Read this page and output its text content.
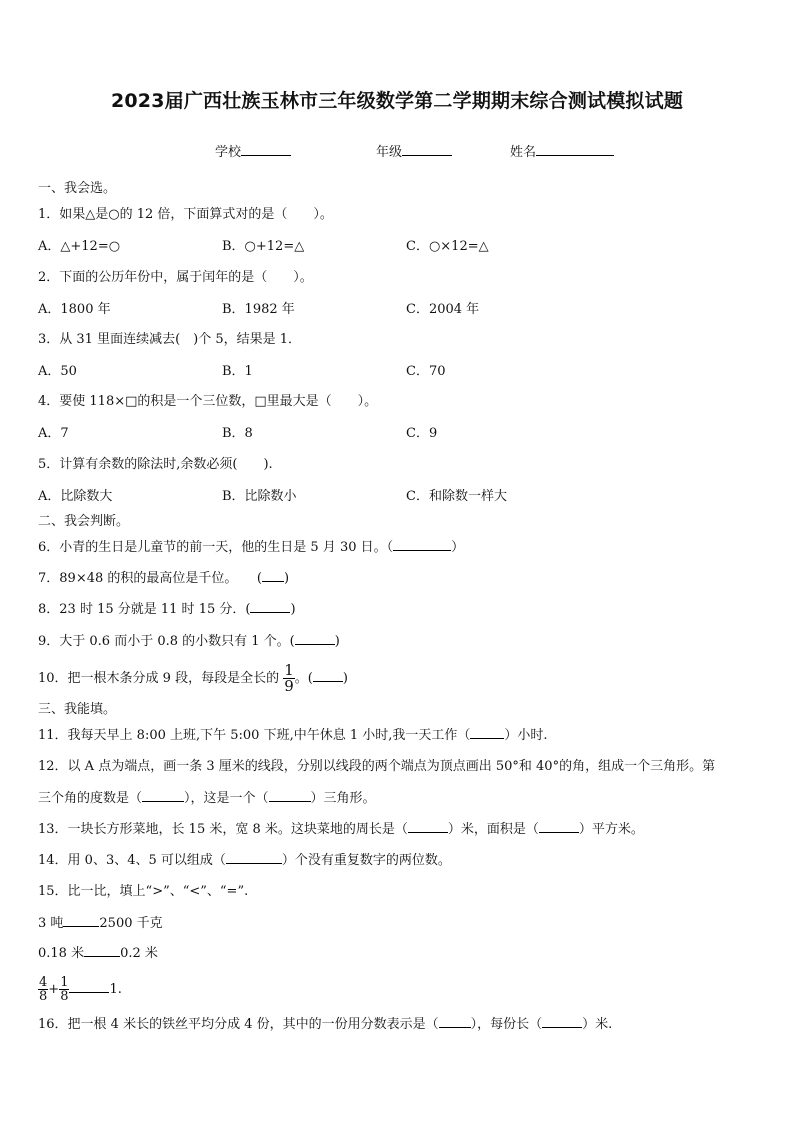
2023届广西壮族玉林市三年级数学第二学期期末综合测试模拟试题
学校	年级	姓名
一、我会选。
1．如果△是○的 12 倍，下面算式对的是（　　）。
A．△+12=○	B．○+12=△	C．○×12=△
2．下面的公历年份中，属于闰年的是（　　）。
A．1800 年	B．1982 年	C．2004 年
3．从 31 里面连续减去(　)个 5，结果是 1．
A．50	B．1	C．70
4．要使 118×□的积是一个三位数，□里最大是（　　）。
A．7	B．8	C．9
5．计算有余数的除法时,余数必须(　　).
A．比除数大	B．比除数小	C．和除数一样大
二、我会判断。
6．小青的生日是儿童节的前一天，他的生日是 5 月 30 日。（	）
7．89×48 的积的最高位是千位。　　( )
8．23 时 15 分就是 11 时 15 分．(	)
9．大于 0.6 而小于 0.8 的小数只有 1 个。(	)
10．把一根木条分成 9 段，每段是全长的 $\frac{1}{9}$ 。( )
三、我能填。
11．我每天早上 8:00 上班,下午 5:00 下班,中午休息 1 小时,我一天工作（	）小时.
12．以 A 点为端点，画一条 3 厘米的线段，分别以线段的两个端点为顶点画出 50°和 40°的角，组成一个三角形。第
三个角的度数是（	），这是一个（	）三角形。
13．一块长方形菜地，长 15 米，宽 8 米。这块菜地的周长是（	）米，面积是（	）平方米。
14．用 0、3、4、5 可以组成（	）个没有重复数字的两位数。
15．比一比，填上“>”、“<”、“=”.
3 吨	2500 千克
0.18 米	0.2 米
$\frac{4}{8} + \frac{1}{8}$	1.
16．把一根 4 米长的铁丝平均分成 4 份，其中的一份用分数表示是（ ），每份长（	）米.
